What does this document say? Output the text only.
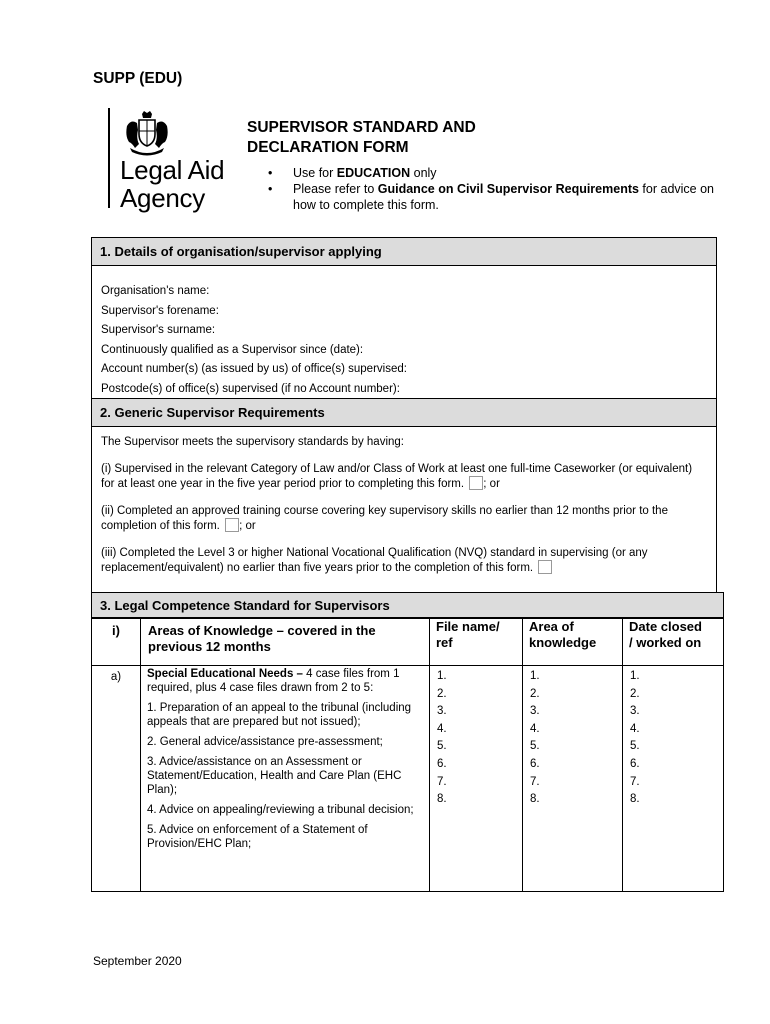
SUPP (EDU)
Legal Aid
Agency
SUPERVISOR STANDARD AND DECLARATION FORM
• Use for EDUCATION only
• Please refer to Guidance on Civil Supervisor Requirements for advice on how to complete this form.
1. Details of organisation/supervisor applying
Organisation's name:
Supervisor's forename:
Supervisor's surname:
Continuously qualified as a Supervisor since (date):
Account number(s) (as issued by us) of office(s) supervised:
Postcode(s) of office(s) supervised (if no Account number):
2. Generic Supervisor Requirements

The Supervisor meets the supervisory standards by having:

(i) Supervised in the relevant Category of Law and/or Class of Work at least one full-time Caseworker (or equivalent) for at least one year in the five year period prior to completing this form. ; or

(ii) Completed an approved training course covering key supervisory skills no earlier than 12 months prior to the completion of this form. ; or

(iii) Completed the Level 3 or higher National Vocational Qualification (NVQ) standard in supervising (or any replacement/equivalent) no earlier than five years prior to the completion of this form.

3. Legal Competence Standard for Supervisors
i)	Areas of Knowledge – covered in the previous 12 months
File name/ ref
Area of knowledge
Date closed / worked on
a)	Special Educational Needs – 4 case files from 1 required, plus 4 case files drawn from 2 to 5:

1. Preparation of an appeal to the tribunal (including appeals that are prepared but not issued);

2. General advice/assistance pre-assessment;

3. Advice/assistance on an Assessment or Statement/Education, Health and Care Plan (EHC Plan);

4. Advice on appealing/reviewing a tribunal decision;

5. Advice on enforcement of a Statement of Provision/EHC Plan;

1.
2.
3.
4.
5.
6.
7.
8.
1.
2.
3.
4.
5.
6.
7.
8.
1.
2.
3.
4.
5.
6.
7.
8.
September 2020
